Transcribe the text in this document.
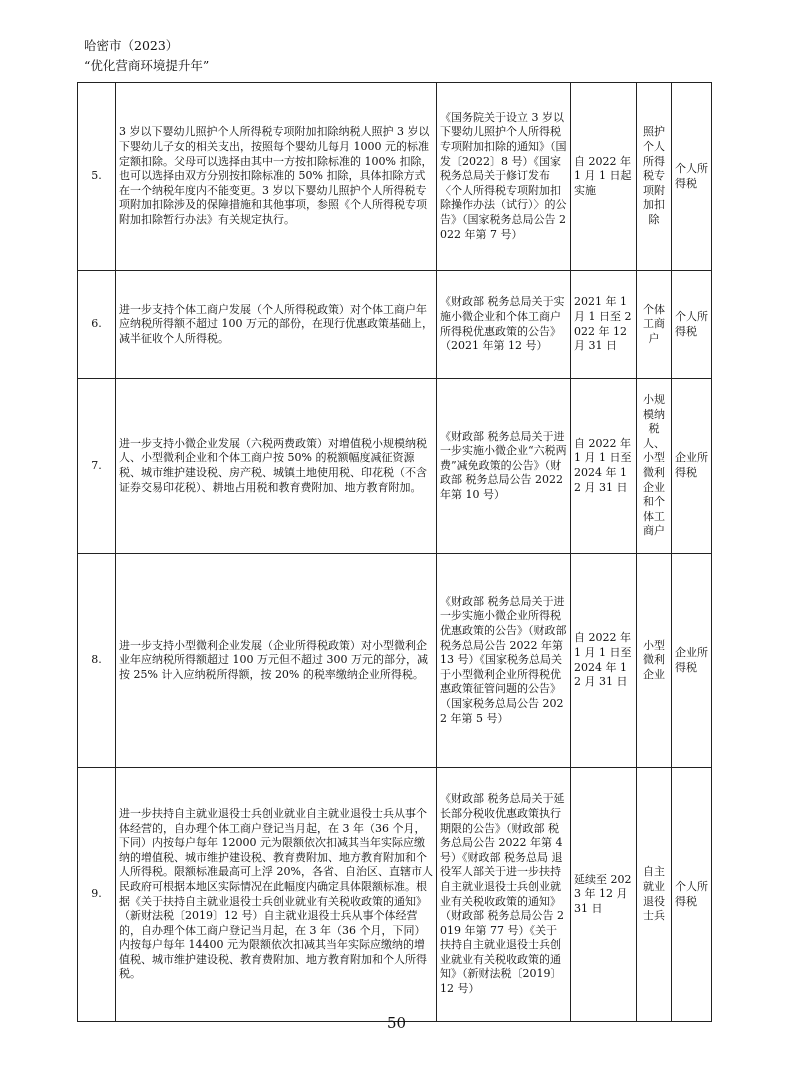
哈密市（2023）
“优化营商环境提升年”
5.	3 岁以下婴幼儿照护个人所得税专项附加扣除纳税人照护 3 岁以下婴幼儿子女的相关支出，按照每个婴幼儿每月 1000 元的标准定额扣除。父母可以选择由其中一方按扣除标准的 100% 扣除，也可以选择由双方分别按扣除标准的 50% 扣除，具体扣除方式在一个纳税年度内不能变更。3 岁以下婴幼儿照护个人所得税专项附加扣除涉及的保障措施和其他事项，参照《个人所得税专项附加扣除暂行办法》有关规定执行。	《国务院关于设立 3 岁以下婴幼儿照护个人所得税专项附加扣除的通知》（国发〔2022〕8 号）《国家税务总局关于修订发布〈个人所得税专项附加扣除操作办法（试行）〉的公告》（国家税务总局公告 2022 年第 7 号）	自 2022 年 1 月 1 日起实施	照护个人所得税专项附加扣除	个人所得税
6.	进一步支持个体工商户发展（个人所得税政策）对个体工商户年应纳税所得额不超过 100 万元的部份，在现行优惠政策基础上，减半征收个人所得税。	《财政部 税务总局关于实施小微企业和个体工商户所得税优惠政策的公告》（2021 年第 12 号）	2021 年 1 月 1 日至 2022 年 12 月 31 日	个体工商户	个人所得税
7.	进一步支持小微企业发展（六税两费政策）对增值税小规模纳税人、小型微利企业和个体工商户按 50% 的税额幅度减征资源税、城市维护建设税、房产税、城镇土地使用税、印花税（不含证券交易印花税）、耕地占用税和教育费附加、地方教育附加。	《财政部 税务总局关于进一步实施小微企业“六税两费”减免政策的公告》（财政部 税务总局公告 2022 年第 10 号）	自 2022 年 1 月 1 日至 2024 年 12 月 31 日	小规模纳税人、小型微利企业和个体工商户	企业所得税
8.	进一步支持小型微利企业发展（企业所得税政策）对小型微利企业年应纳税所得额超过 100 万元但不超过 300 万元的部分，减按 25% 计入应纳税所得额，按 20% 的税率缴纳企业所得税。	《财政部 税务总局关于进一步实施小微企业所得税优惠政策的公告》（财政部 税务总局公告 2022 年第 13 号）《国家税务总局关于小型微利企业所得税优惠政策征管问题的公告》（国家税务总局公告 2022 年第 5 号）	自 2022 年 1 月 1 日至 2024 年 12 月 31 日	小型微利企业	企业所得税
9.	进一步扶持自主就业退役士兵创业就业自主就业退役士兵从事个体经营的，自办理个体工商户登记当月起，在 3 年（36 个月，下同）内按每户每年 12000 元为限额依次扣减其当年实际应缴纳的增值税、城市维护建设税、教育费附加、地方教育附加和个人所得税。限额标准最高可上浮 20%，各省、自治区、直辖市人民政府可根据本地区实际情况在此幅度内确定具体限额标准。根据《关于扶持自主就业退役士兵创业就业有关税收政策的通知》（新财法税〔2019〕12 号）自主就业退役士兵从事个体经营的，自办理个体工商户登记当月起，在 3 年（36 个月，下同）内按每户每年 14400 元为限额依次扣减其当年实际应缴纳的增值税、城市维护建设税、教育费附加、地方教育附加和个人所得税。	《财政部 税务总局关于延长部分税收优惠政策执行期限的公告》（财政部 税务总局公告 2022 年第 4 号）《财政部 税务总局 退役军人部关于进一步扶持自主就业退役士兵创业就业有关税收政策的通知》（财政部 税务总局公告 2019 年第 77 号）《关于扶持自主就业退役士兵创业就业有关税收政策的通知》（新财法税〔2019〕12 号）	延续至 2023 年 12 月 31 日	自主就业退役士兵	个人所得税
50
